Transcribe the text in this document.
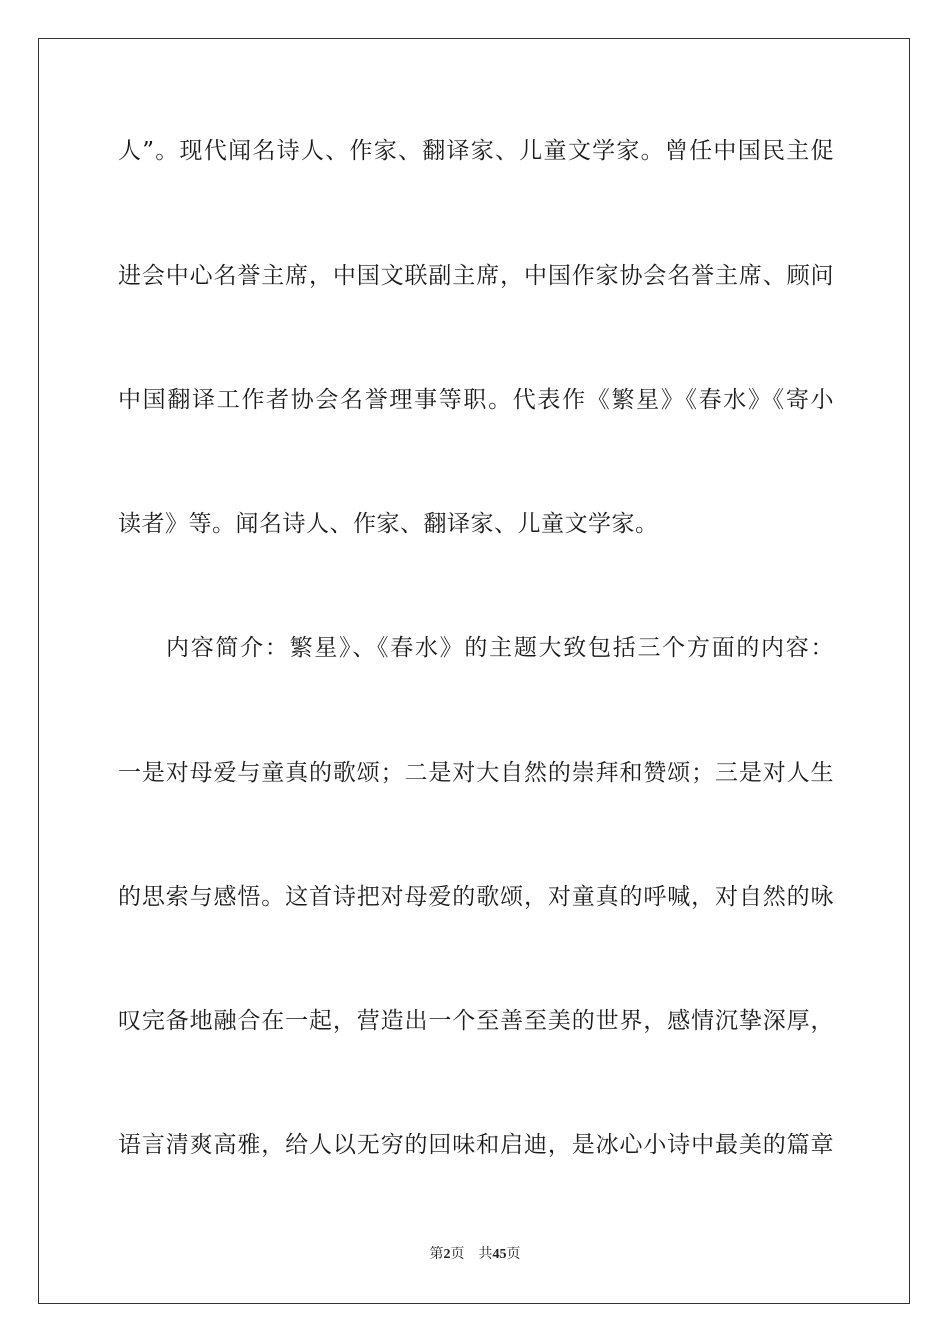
人”。现代闻名诗人、作家、翻译家、儿童文学家。曾任中国民主促
进会中心名誉主席，中国文联副主席，中国作家协会名誉主席、顾问
中国翻译工作者协会名誉理事等职。代表作《繁星》《春水》《寄小
读者》等。闻名诗人、作家、翻译家、儿童文学家。
内容简介：繁星》、《春水》的主题大致包括三个方面的内容：
一是对母爱与童真的歌颂；二是对大自然的崇拜和赞颂；三是对人生
的思索与感悟。这首诗把对母爱的歌颂，对童真的呼喊，对自然的咏
叹完备地融合在一起，营造出一个至善至美的世界，感情沉挚深厚，
语言清爽高雅，给人以无穷的回味和启迪，是冰心小诗中最美的篇章
第2页 共45页
